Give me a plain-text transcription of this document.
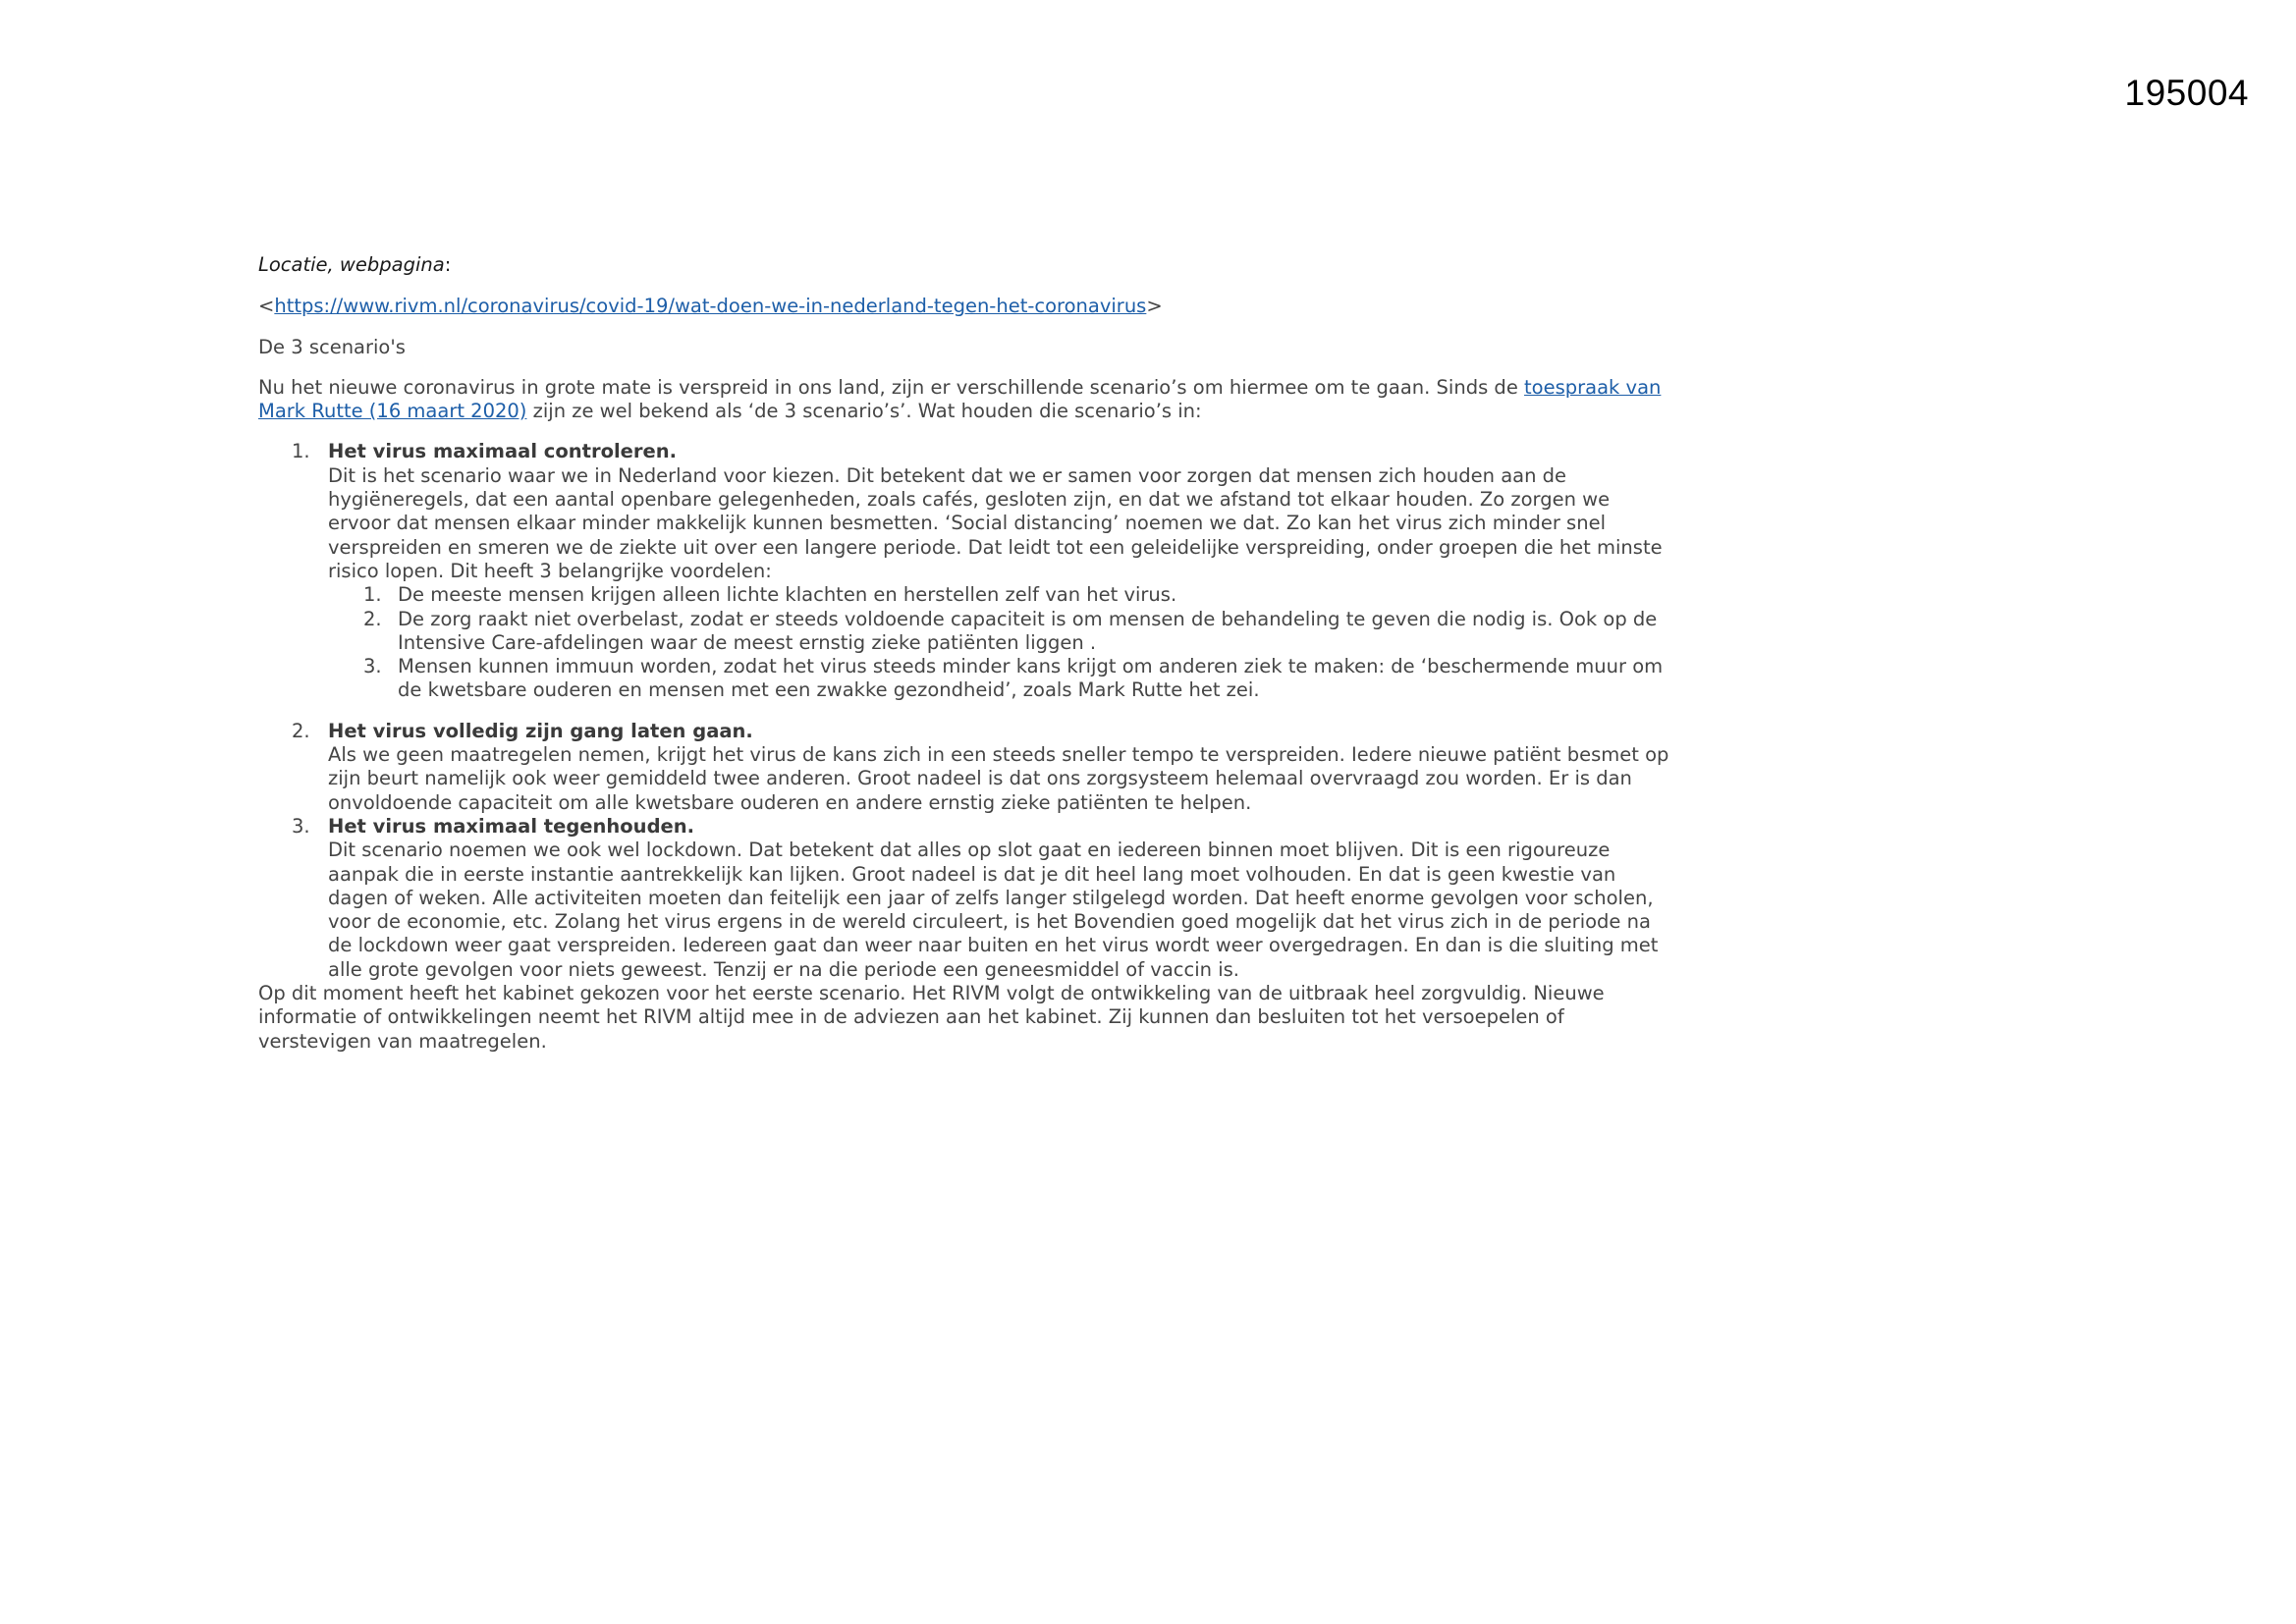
195004

Locatie, webpagina:

<https://www.rivm.nl/coronavirus/covid-19/wat-doen-we-in-nederland-tegen-het-coronavirus>

De 3 scenario's

Nu het nieuwe coronavirus in grote mate is verspreid in ons land, zijn er verschillende scenario’s om hiermee om te gaan. Sinds de toespraak van Mark Rutte (16 maart 2020) zijn ze wel bekend als ‘de 3 scenario’s’. Wat houden die scenario’s in:

1. Het virus maximaal controleren.
Dit is het scenario waar we in Nederland voor kiezen. Dit betekent dat we er samen voor zorgen dat mensen zich houden aan de hygiëneregels, dat een aantal openbare gelegenheden, zoals cafés, gesloten zijn, en dat we afstand tot elkaar houden. Zo zorgen we ervoor dat mensen elkaar minder makkelijk kunnen besmetten. ‘Social distancing’ noemen we dat. Zo kan het virus zich minder snel verspreiden en smeren we de ziekte uit over een langere periode. Dat leidt tot een geleidelijke verspreiding, onder groepen die het minste risico lopen. Dit heeft 3 belangrijke voordelen:
1. De meeste mensen krijgen alleen lichte klachten en herstellen zelf van het virus.
2. De zorg raakt niet overbelast, zodat er steeds voldoende capaciteit is om mensen de behandeling te geven die nodig is. Ook op de Intensive Care-afdelingen waar de meest ernstig zieke patiënten liggen .
3. Mensen kunnen immuun worden, zodat het virus steeds minder kans krijgt om anderen ziek te maken: de ‘beschermende muur om de kwetsbare ouderen en mensen met een zwakke gezondheid’, zoals Mark Rutte het zei.
2. Het virus volledig zijn gang laten gaan.
Als we geen maatregelen nemen, krijgt het virus de kans zich in een steeds sneller tempo te verspreiden. Iedere nieuwe patiënt besmet op zijn beurt namelijk ook weer gemiddeld twee anderen. Groot nadeel is dat ons zorgsysteem helemaal overvraagd zou worden. Er is dan onvoldoende capaciteit om alle kwetsbare ouderen en andere ernstig zieke patiënten te helpen.
3. Het virus maximaal tegenhouden.
Dit scenario noemen we ook wel lockdown. Dat betekent dat alles op slot gaat en iedereen binnen moet blijven. Dit is een rigoureuze aanpak die in eerste instantie aantrekkelijk kan lijken. Groot nadeel is dat je dit heel lang moet volhouden. En dat is geen kwestie van dagen of weken. Alle activiteiten moeten dan feitelijk een jaar of zelfs langer stilgelegd worden. Dat heeft enorme gevolgen voor scholen, voor de economie, etc. Zolang het virus ergens in de wereld circuleert, is het Bovendien goed mogelijk dat het virus zich in de periode na de lockdown weer gaat verspreiden. Iedereen gaat dan weer naar buiten en het virus wordt weer overgedragen. En dan is die sluiting met alle grote gevolgen voor niets geweest. Tenzij er na die periode een geneesmiddel of vaccin is.

Op dit moment heeft het kabinet gekozen voor het eerste scenario. Het RIVM volgt de ontwikkeling van de uitbraak heel zorgvuldig. Nieuwe informatie of ontwikkelingen neemt het RIVM altijd mee in de adviezen aan het kabinet. Zij kunnen dan besluiten tot het versoepelen of verstevigen van maatregelen.
